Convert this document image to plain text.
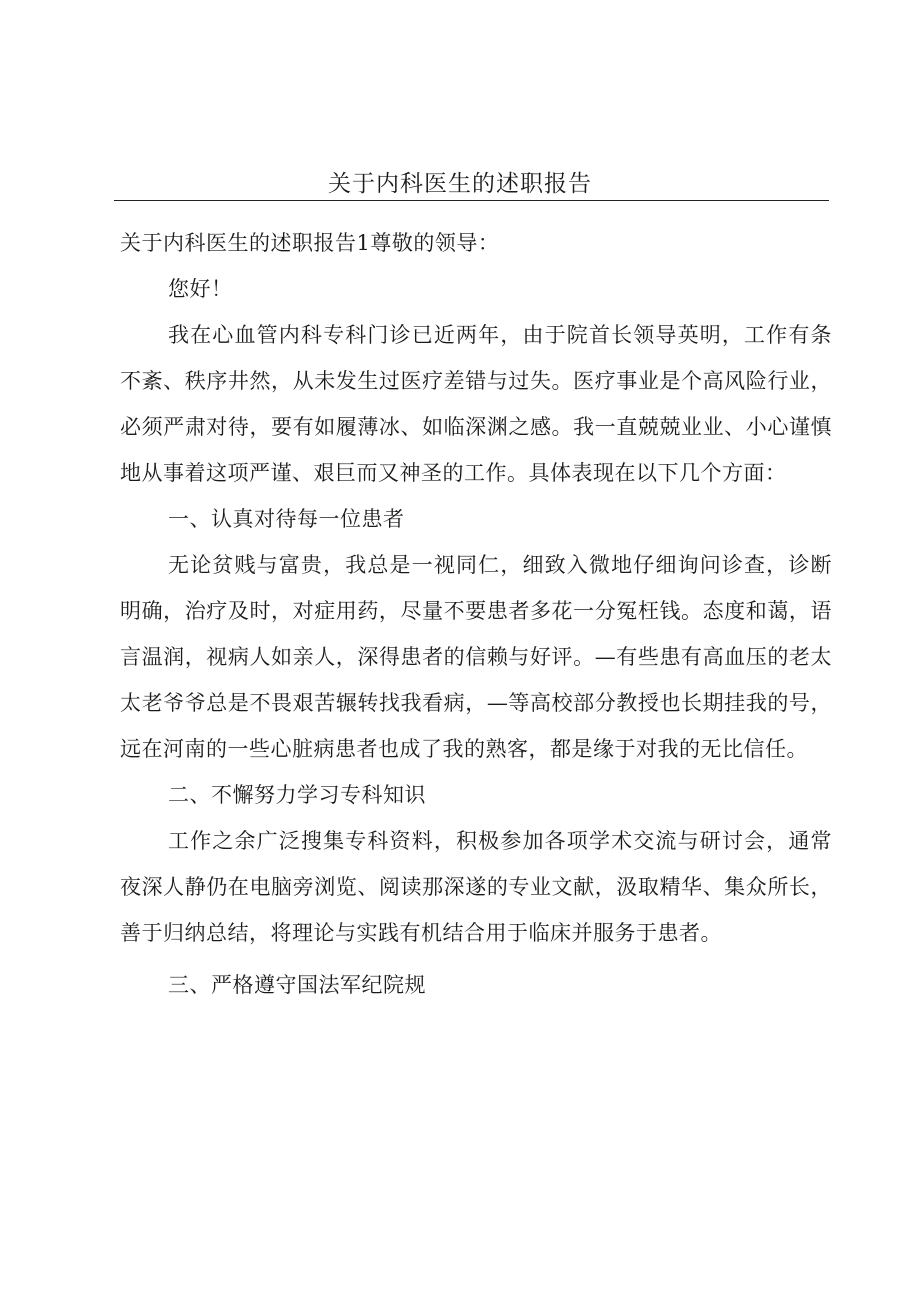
关于内科医生的述职报告

关于内科医生的述职报告1尊敬的领导：

您好！

我在心血管内科专科门诊已近两年，由于院首长领导英明，工作有条不紊、秩序井然，从未发生过医疗差错与过失。医疗事业是个高风险行业，必须严肃对待，要有如履薄冰、如临深渊之感。我一直兢兢业业、小心谨慎地从事着这项严谨、艰巨而又神圣的工作。具体表现在以下几个方面：

一、认真对待每一位患者

无论贫贱与富贵，我总是一视同仁，细致入微地仔细询问诊查，诊断明确，治疗及时，对症用药，尽量不要患者多花一分冤枉钱。态度和蔼，语言温润，视病人如亲人，深得患者的信赖与好评。—有些患有高血压的老太太老爷爷总是不畏艰苦辗转找我看病，—等高校部分教授也长期挂我的号，远在河南的一些心脏病患者也成了我的熟客，都是缘于对我的无比信任。

二、不懈努力学习专科知识

工作之余广泛搜集专科资料，积极参加各项学术交流与研讨会，通常夜深人静仍在电脑旁浏览、阅读那深遂的专业文献，汲取精华、集众所长，善于归纳总结，将理论与实践有机结合用于临床并服务于患者。

三、严格遵守国法军纪院规
